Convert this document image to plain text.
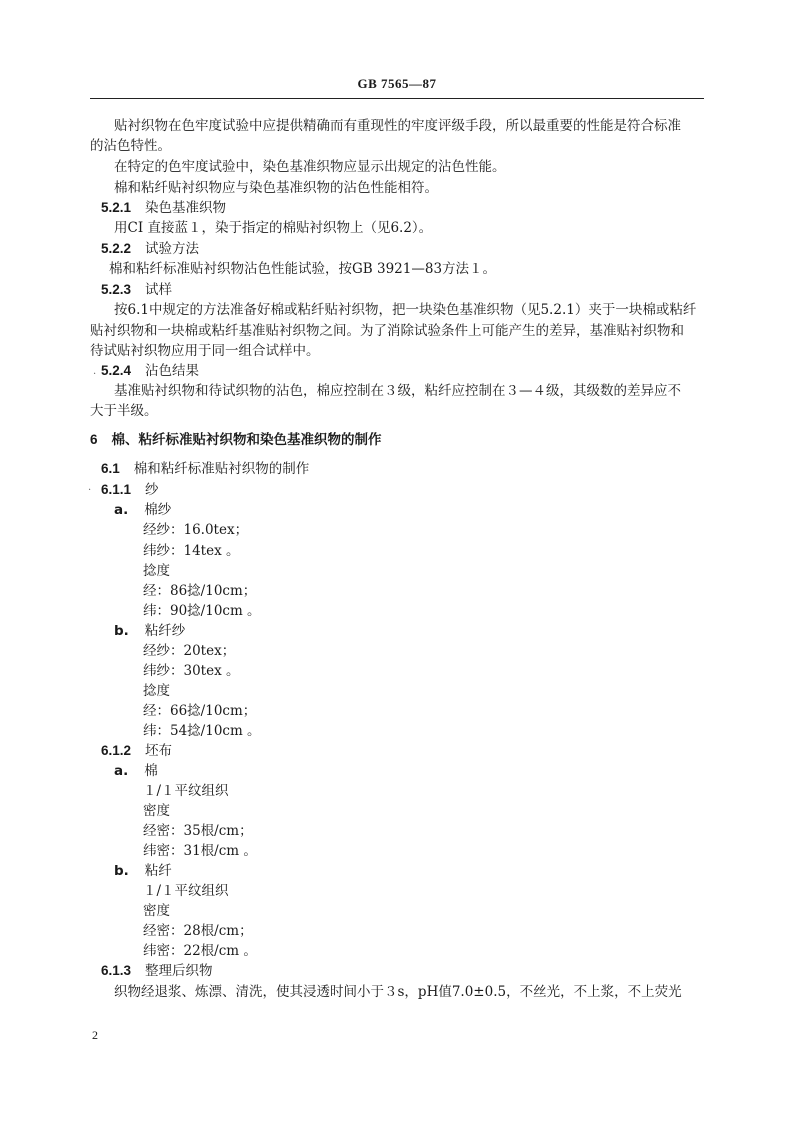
GB 7565—87
贴衬织物在色牢度试验中应提供精确而有重现性的牢度评级手段，所以最重要的性能是符合标准
的沾色特性。
在特定的色牢度试验中，染色基准织物应显示出规定的沾色性能。
棉和粘纤贴衬织物应与染色基准织物的沾色性能相符。
5.2.1 染色基准织物
用CI 直接蓝１，染于指定的棉贴衬织物上（见6.2）。
5.2.2 试验方法
棉和粘纤标准贴衬织物沾色性能试验，按GB 3921—83方法１。
5.2.3 试样
按6.1中规定的方法准备好棉或粘纤贴衬织物，把一块染色基准织物（见5.2.1）夹于一块棉或粘纤
贴衬织物和一块棉或粘纤基准贴衬织物之间。为了消除试验条件上可能产生的差异，基准贴衬织物和
待试贴衬织物应用于同一组合试样中。
. 5.2.4 沾色结果
基准贴衬织物和待试织物的沾色，棉应控制在３级，粘纤应控制在３—４级，其级数的差异应不
大于半级。
6 棉、粘纤标准贴衬织物和染色基准织物的制作
6.1 棉和粘纤标准贴衬织物的制作
. 6.1.1 纱
a. 棉纱
经纱：16.0tex；
纬纱：14tex 。
捻度
经：86捻/10cm；
纬：90捻/10cm 。
b. 粘纤纱
经纱：20tex；
纬纱：30tex 。
捻度
经：66捻/10cm；
纬：54捻/10cm 。
6.1.2 坯布
a. 棉
１/１平纹组织
密度
经密：35根/cm；
纬密：31根/cm 。
b. 粘纤
１/１平纹组织
密度
经密：28根/cm；
纬密：22根/cm 。
6.1.3 整理后织物
织物经退浆、炼漂、清洗，使其浸透时间小于３s，pH值7.0±0.5，不丝光，不上浆，不上荧光
2
